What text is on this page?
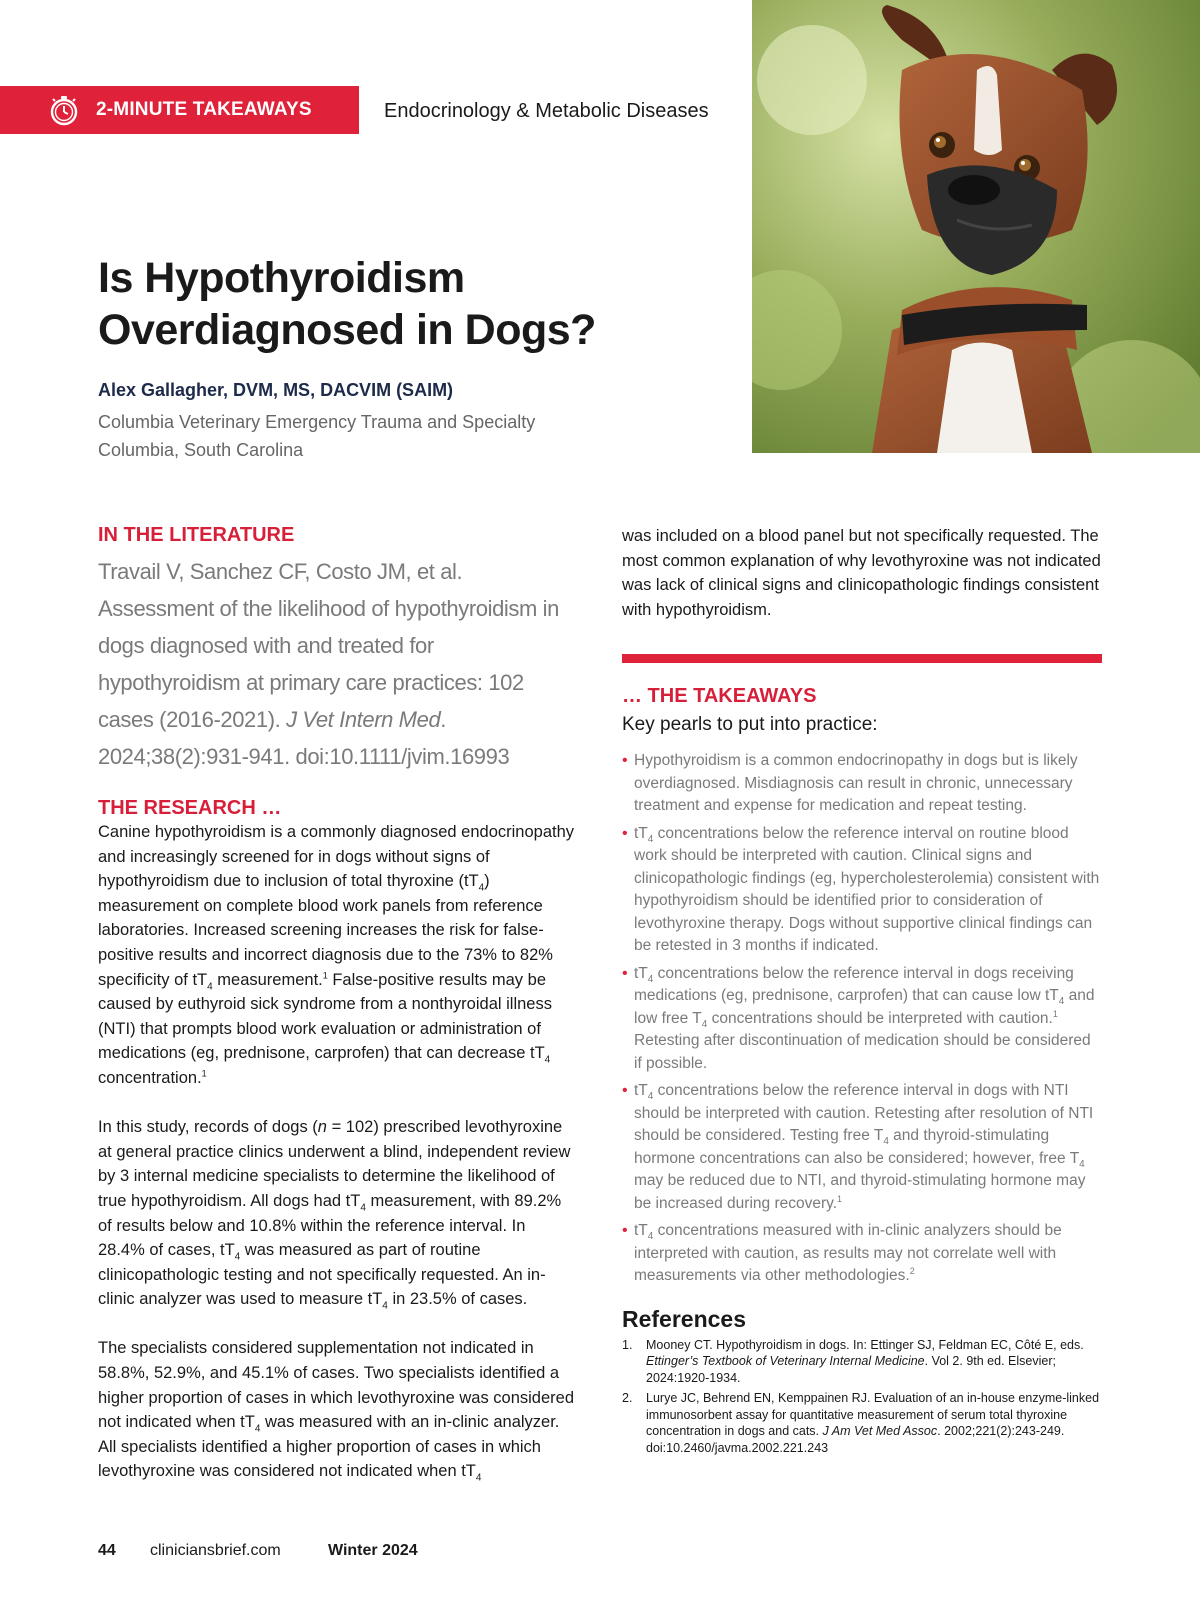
2-MINUTE TAKEAWAYS	Endocrinology & Metabolic Diseases
Is Hypothyroidism Overdiagnosed in Dogs?
Alex Gallagher, DVM, MS, DACVIM (SAIM)
Columbia Veterinary Emergency Trauma and Specialty
Columbia, South Carolina
IN THE LITERATURE
Travail V, Sanchez CF, Costo JM, et al. Assessment of the likelihood of hypothyroidism in dogs diagnosed with and treated for hypothyroidism at primary care practices: 102 cases (2016-2021). J Vet Intern Med. 2024;38(2):931-941. doi:10.1111/jvim.16993
THE RESEARCH …

Canine hypothyroidism is a commonly diagnosed endocrinopathy and increasingly screened for in dogs without signs of hypothyroidism due to inclusion of total thyroxine $(tT_4)$ measurement on complete blood work panels from reference laboratories. Increased screening increases the risk for false-positive results and incorrect diagnosis due to the 73% to 82% specificity of $tT_4$ measurement.$^1$ False-positive results may be caused by euthyroid sick syndrome from a nonthyroidal illness (NTI) that prompts blood work evaluation or administration of medications (eg, prednisone, carprofen) that can decrease $tT_4$ concentration.$^1$

In this study, records of dogs (n = 102) prescribed levothyroxine at general practice clinics underwent a blind, independent review by 3 internal medicine specialists to determine the likelihood of true hypothyroidism. All dogs had $tT_4$ measurement, with 89.2% of results below and 10.8% within the reference interval. In 28.4% of cases, $tT_4$ was measured as part of routine clinicopathologic testing and not specifically requested. An in-clinic analyzer was used to measure $tT_4$ in 23.5% of cases.

The specialists considered supplementation not indicated in 58.8%, 52.9%, and 45.1% of cases. Two specialists identified a higher proportion of cases in which levothyroxine was considered not indicated when $tT_4$ was measured with an in-clinic analyzer. All specialists identified a higher proportion of cases in which levothyroxine was considered not indicated when $tT_4$

was included on a blood panel but not specifically requested. The most common explanation of why levothyroxine was not indicated was lack of clinical signs and clinicopathologic findings consistent with hypothyroidism.

… THE TAKEAWAYS
Key pearls to put into practice:
• Hypothyroidism is a common endocrinopathy in dogs but is likely overdiagnosed. Misdiagnosis can result in chronic, unnecessary treatment and expense for medication and repeat testing.
• $tT_4$ concentrations below the reference interval on routine blood work should be interpreted with caution. Clinical signs and clinicopathologic findings (eg, hypercholesterolemia) consistent with hypothyroidism should be identified prior to consideration of levothyroxine therapy. Dogs without supportive clinical findings can be retested in 3 months if indicated.
• $tT_4$ concentrations below the reference interval in dogs receiving medications (eg, prednisone, carprofen) that can cause low $tT_4$ and low free $T_4$ concentrations should be interpreted with caution.$^1$ Retesting after discontinuation of medication should be considered if possible.
• $tT_4$ concentrations below the reference interval in dogs with NTI should be interpreted with caution. Retesting after resolution of NTI should be considered. Testing free $T_4$ and thyroid-stimulating hormone concentrations can also be considered; however, free $T_4$ may be reduced due to NTI, and thyroid-stimulating hormone may be increased during recovery.$^1$
• $tT_4$ concentrations measured with in-clinic analyzers should be interpreted with caution, as results may not correlate well with measurements via other methodologies.$^2$
References
1. Mooney CT. Hypothyroidism in dogs. In: Ettinger SJ, Feldman EC, Côté E, eds. Ettinger’s Textbook of Veterinary Internal Medicine. Vol 2. 9th ed. Elsevier; 2024:1920-1934.
2. Lurye JC, Behrend EN, Kemppainen RJ. Evaluation of an in-house enzyme-linked immunosorbent assay for quantitative measurement of serum total thyroxine concentration in dogs and cats. J Am Vet Med Assoc. 2002;221(2):243-249. doi:10.2460/javma.2002.221.243
44	cliniciansbrief.com	Winter 2024
